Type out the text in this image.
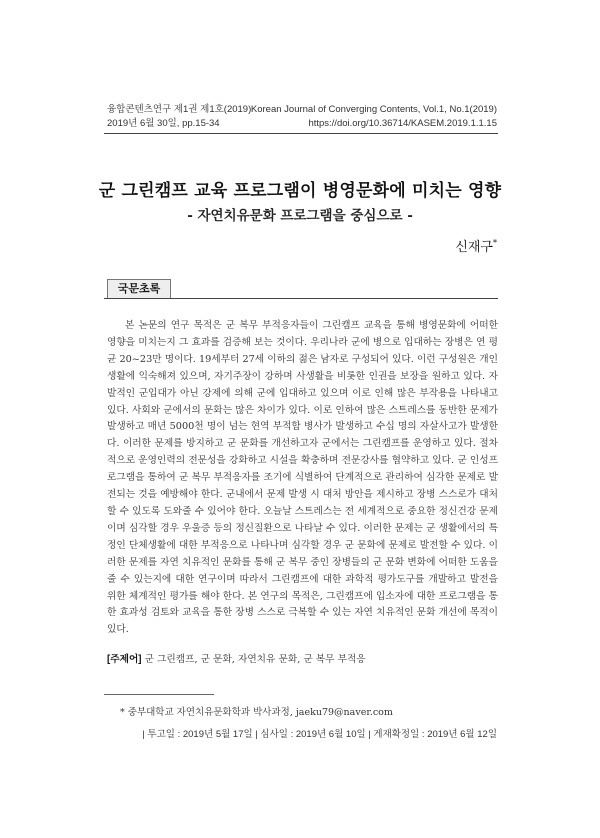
융합콘텐츠연구 제1권 제1호(2019)
2019년 6월 30일, pp.15-34
Korean Journal of Converging Contents, Vol.1, No.1(2019)
https://doi.org/10.36714/KASEM.2019.1.1.15
군 그린캠프 교육 프로그램이 병영문화에 미치는 영향
- 자연치유문화 프로그램을 중심으로 -
신재구*
국문초록
본 논문의 연구 목적은 군 복무 부적응자들이 그린캠프 교육을 통해 병영문화에 어떠한 영향을 미치는지 그 효과를 검증해 보는 것이다. 우리나라 군에 병으로 입대하는 장병은 연 평균 20~23만 명이다. 19세부터 27세 이하의 젊은 남자로 구성되어 있다. 이런 구성원은 개인생활에 익숙해져 있으며, 자기주장이 강하며 사생활을 비롯한 인권을 보장을 원하고 있다. 자발적인 군입대가 아닌 강제에 의해 군에 입대하고 있으며 이로 인해 많은 부작용을 나타내고 있다. 사회와 군에서의 문화는 많은 차이가 있다. 이로 인하여 많은 스트레스를 동반한 문제가 발생하고 매년 5000천 명이 넘는 현역 부적합 병사가 발생하고 수십 명의 자살사고가 발생한다. 이러한 문제를 방지하고 군 문화를 개선하고자 군에서는 그린캠프를 운영하고 있다. 절차적으로 운영인력의 전문성을 강화하고 시설을 확충하며 전문강사를 협약하고 있다. 군 인성프로그램을 통하여 군 복무 부적응자를 조기에 식별하여 단계적으로 관리하여 심각한 문제로 발전되는 것을 예방해야 한다. 군내에서 문제 발생 시 대처 방안을 제시하고 장병 스스로가 대처할 수 있도록 도와줄 수 있어야 한다. 오늘날 스트레스는 전 세계적으로 중요한 정신건강 문제이며 심각할 경우 우울증 등의 정신질환으로 나타날 수 있다. 이러한 문제는 군 생활에서의 특정인 단체생활에 대한 부적응으로 나타나며 심각할 경우 군 문화에 문제로 발전할 수 있다. 이러한 문제를 자연 치유적인 문화를 통해 군 복무 중인 장병들의 군 문화 변화에 어떠한 도움을 줄 수 있는지에 대한 연구이며 따라서 그린캠프에 대한 과학적 평가도구를 개발하고 발전을 위한 체계적인 평가를 해야 한다. 본 연구의 목적은, 그린캠프에 입소자에 대한 프로그램을 통한 효과성 검토와 교육을 통한 장병 스스로 극복할 수 있는 자연 치유적인 문화 개선에 목적이 있다.
* 중부대학교 자연치유문화학과 박사과정, jaeku79@naver.com
| 투고일 : 2019년 5월 17일 | 심사일 : 2019년 6월 10일 | 게재확정일 : 2019년 6월 12일
[주제어] 군 그린캠프, 군 문화, 자연치유 문화, 군 복무 부적응
